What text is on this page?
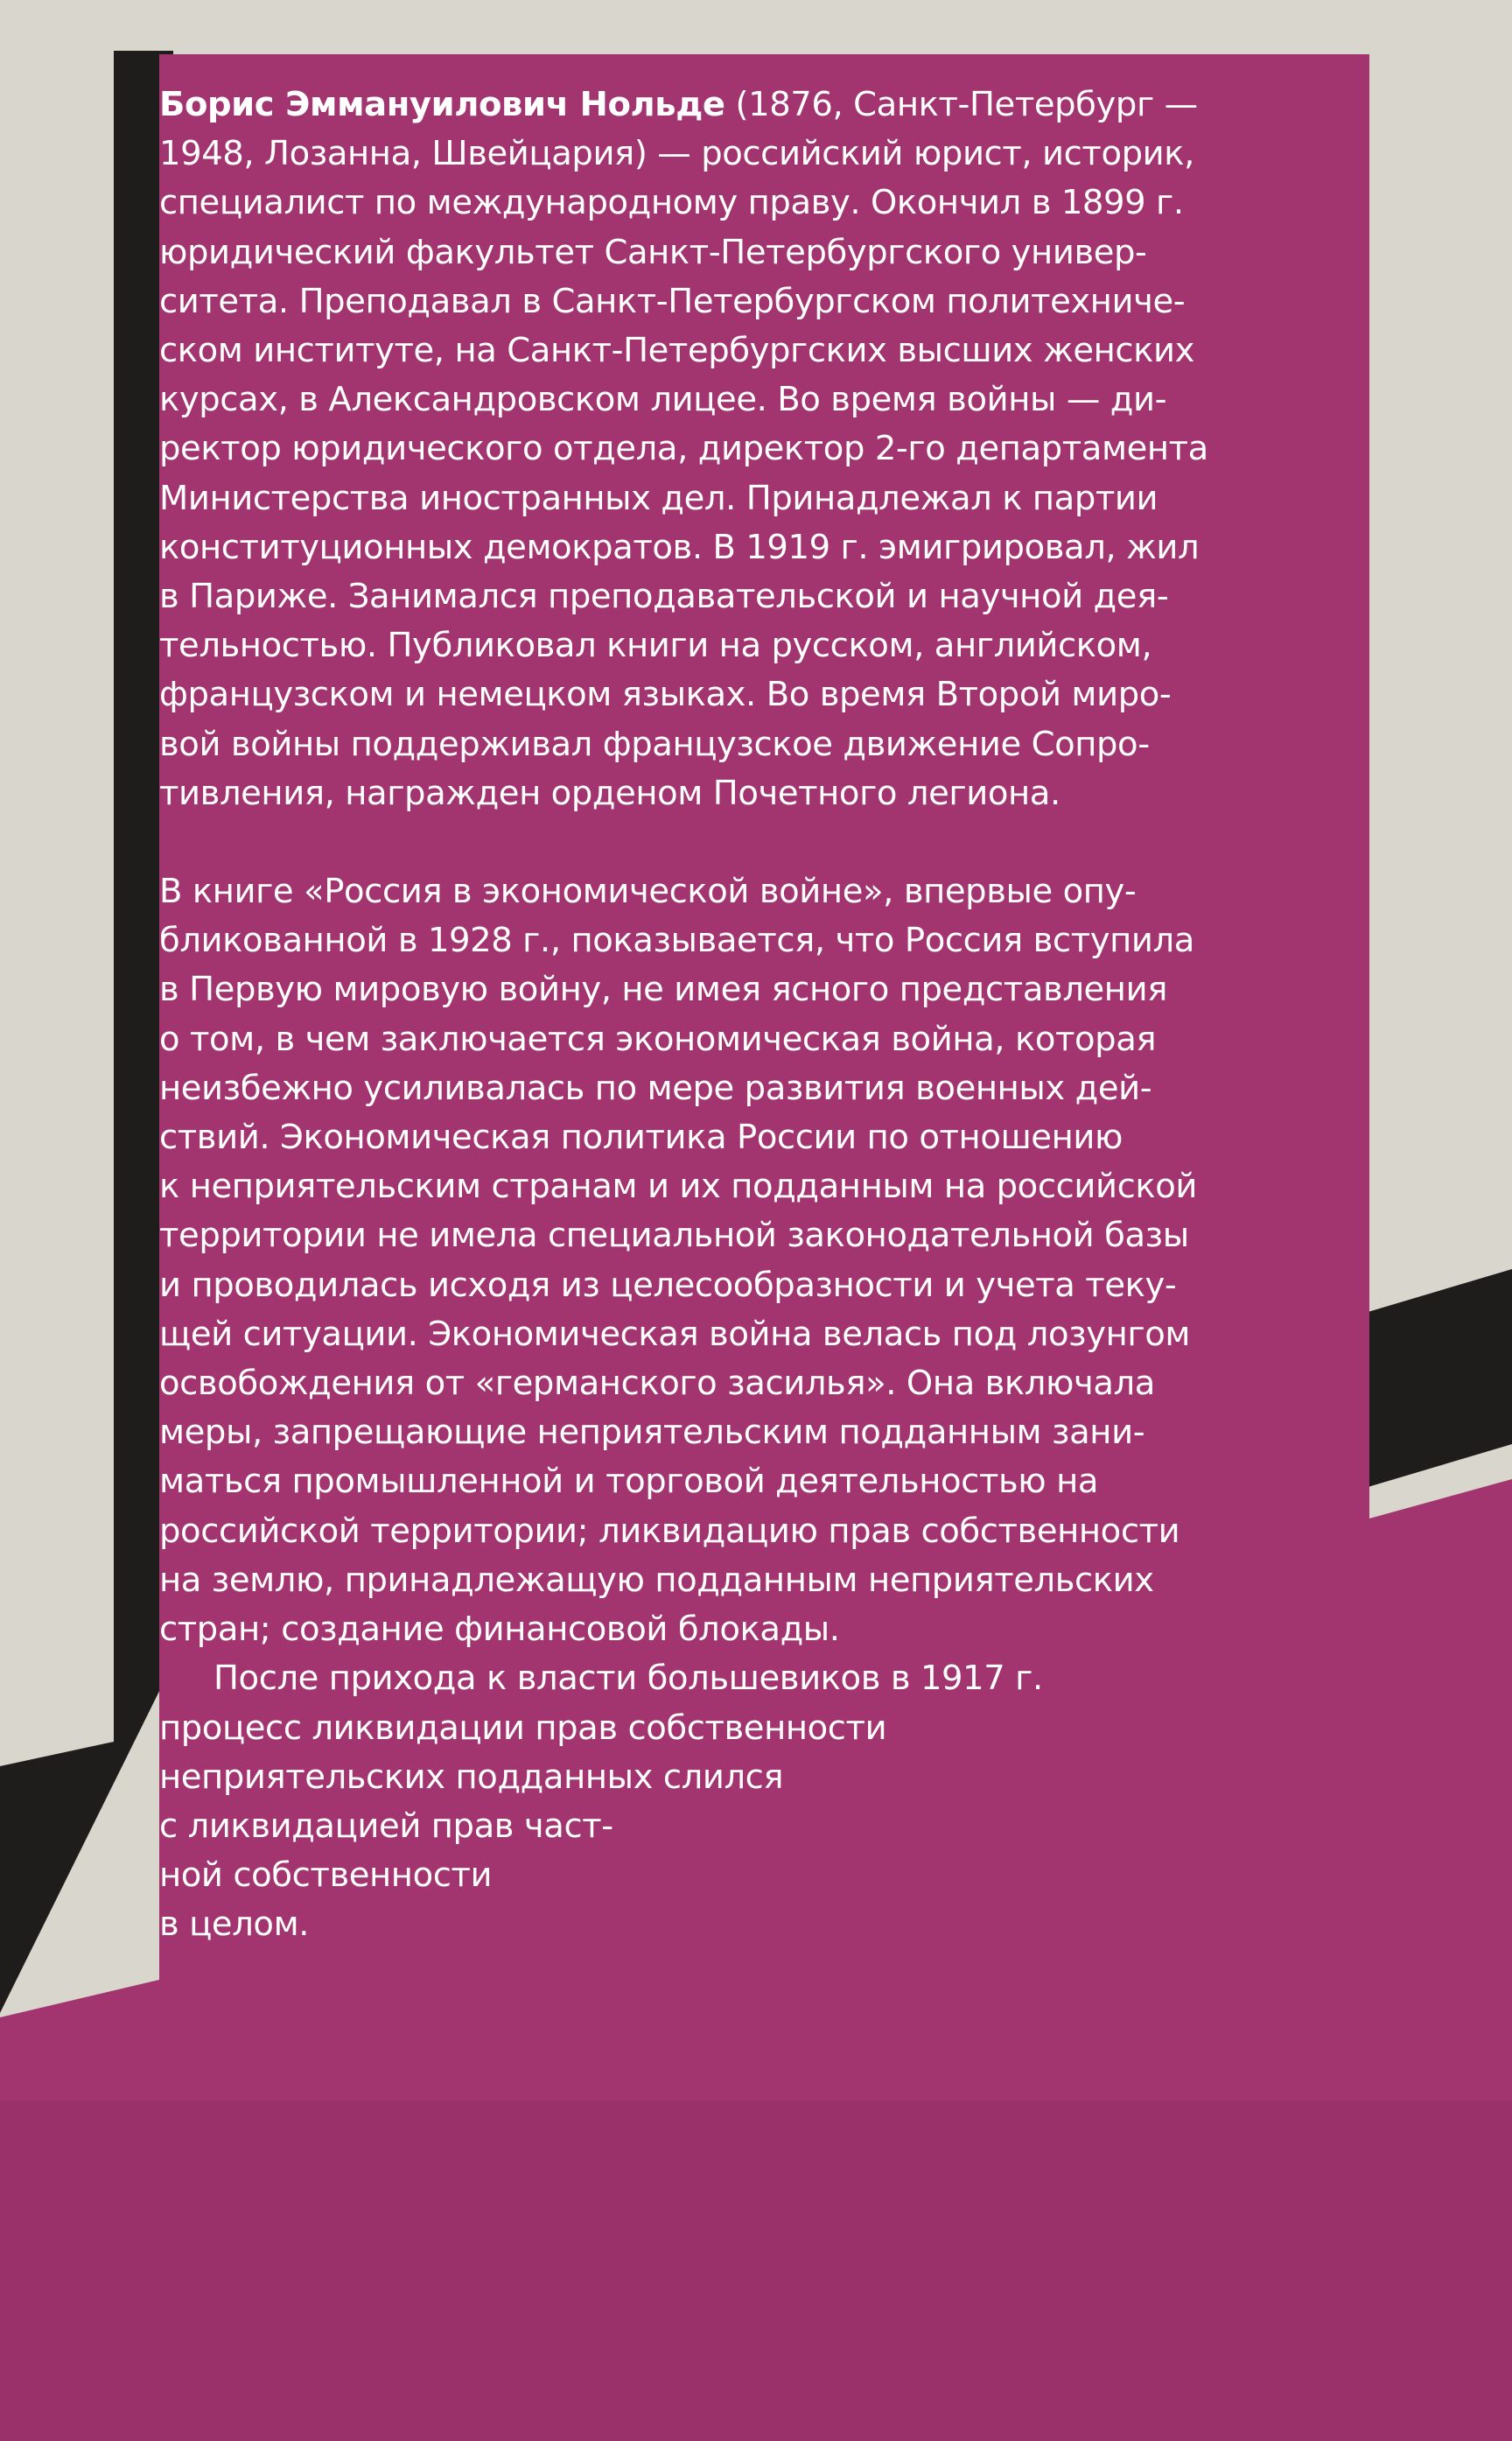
Борис Эммануилович Нольде (1876, Санкт-Петербург —
1948, Лозанна, Швейцария) — российский юрист, историк,
специалист по международному праву. Окончил в 1899 г.
юридический факультет Санкт-Петербургского универ-
ситета. Преподавал в Санкт-Петербургском политехниче-
ском институте, на Санкт-Петербургских высших женских
курсах, в Александровском лицее. Во время войны — ди-
ректор юридического отдела, директор 2-го департамента
Министерства иностранных дел. Принадлежал к партии
конституционных демократов. В 1919 г. эмигрировал, жил
в Париже. Занимался преподавательской и научной дея-
тельностью. Публиковал книги на русском, английском,
французском и немецком языках. Во время Второй миро-
вой войны поддерживал французское движение Сопро-
тивления, награжден орденом Почетного легиона.

В книге «Россия в экономической войне», впервые опу-
бликованной в 1928 г., показывается, что Россия вступила
в Первую мировую войну, не имея ясного представления
о том, в чем заключается экономическая война, которая
неизбежно усиливалась по мере развития военных дей-
ствий. Экономическая политика России по отношению
к неприятельским странам и их подданным на российской
территории не имела специальной законодательной базы
и проводилась исходя из целесообразности и учета теку-
щей ситуации. Экономическая война велась под лозунгом
освобождения от «германского засилья». Она включала
меры, запрещающие неприятельским подданным зани-
маться промышленной и торговой деятельностью на
российской территории; ликвидацию прав собственности
на землю, принадлежащую подданным неприятельских
стран; создание финансовой блокады.

После прихода к власти большевиков в 1917 г.
процесс ликвидации прав собственности
неприятельских подданных слился
с ликвидацией прав част-
ной собственности
в целом.
